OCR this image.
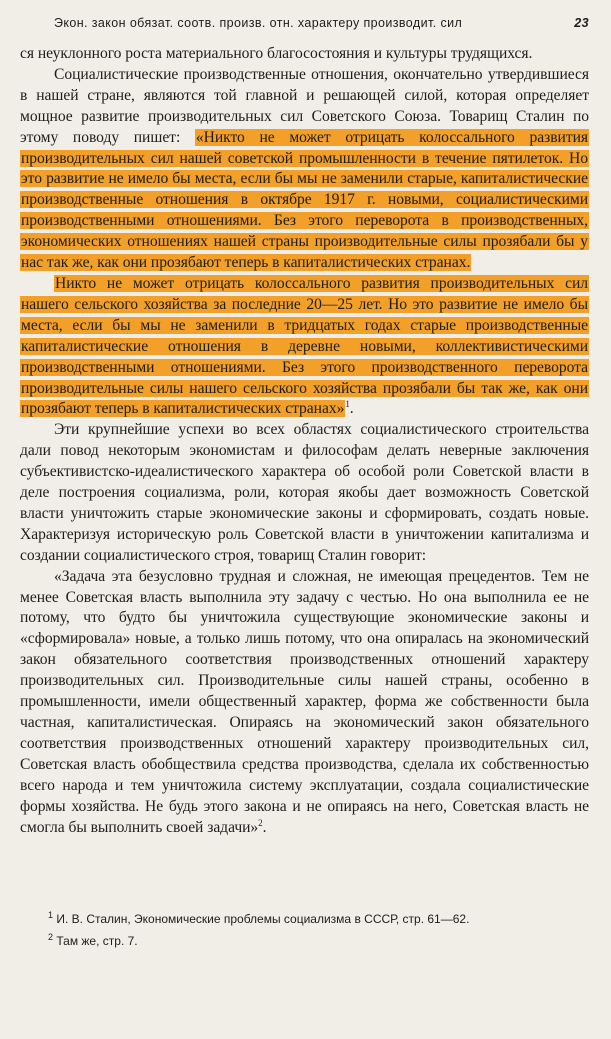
Экон. закон обязат. соотв. произв. отн. характеру производит. сил	23

ся неуклонного роста материального благосостояния и культуры трудящихся.

Социалистические производственные отношения, окончательно утвердившиеся в нашей стране, являются той главной и решающей силой, которая определяет мощное развитие производительных сил Советского Союза. Товарищ Сталин по этому поводу пишет: «Никто не может отрицать колоссального развития производительных сил нашей советской промышленности в течение пятилеток. Но это развитие не имело бы места, если бы мы не заменили старые, капиталистические производственные отношения в октябре 1917 г. новыми, социалистическими производственными отношениями. Без этого переворота в производственных, экономических отношениях нашей страны производительные силы прозябали бы у нас так же, как они прозябают теперь в капиталистических странах.

Никто не может отрицать колоссального развития производительных сил нашего сельского хозяйства за последние 20—25 лет. Но это развитие не имело бы места, если бы мы не заменили в тридцатых годах старые производственные капиталистические отношения в деревне новыми, коллективистическими производственными отношениями. Без этого производственного переворота производительные силы нашего сельского хозяйства прозябали бы так же, как они прозябают теперь в капиталистических странах»$^1$.

Эти крупнейшие успехи во всех областях социалистического строительства дали повод некоторым экономистам и философам делать неверные заключения субъективистско-идеалистического характера об особой роли Советской власти в деле построения социализма, роли, которая якобы дает возможность Советской власти уничтожить старые экономические законы и сформировать, создать новые. Характеризуя историческую роль Советской власти в уничтожении капитализма и создании социалистического строя, товарищ Сталин говорит:

«Задача эта безусловно трудная и сложная, не имеющая прецедентов. Тем не менее Советская власть выполнила эту задачу с честью. Но она выполнила ее не потому, что будто бы уничтожила существующие экономические законы и «сформировала» новые, а только лишь потому, что она опиралась на экономический закон обязательного соответствия производственных отношений характеру производительных сил. Производительные силы нашей страны, особенно в промышленности, имели общественный характер, форма же собственности была частная, капиталистическая. Опираясь на экономический закон обязательного соответствия производственных отношений характеру производительных сил, Советская власть обобществила средства производства, сделала их собственностью всего народа и тем уничтожила систему эксплуатации, создала социалистические формы хозяйства. Не будь этого закона и не опираясь на него, Советская власть не смогла бы выполнить своей задачи»$^2$.

$^1$ И. В. Сталин, Экономические проблемы социализма в СССР, стр. 61—62.
$^2$ Там же, стр. 7.
